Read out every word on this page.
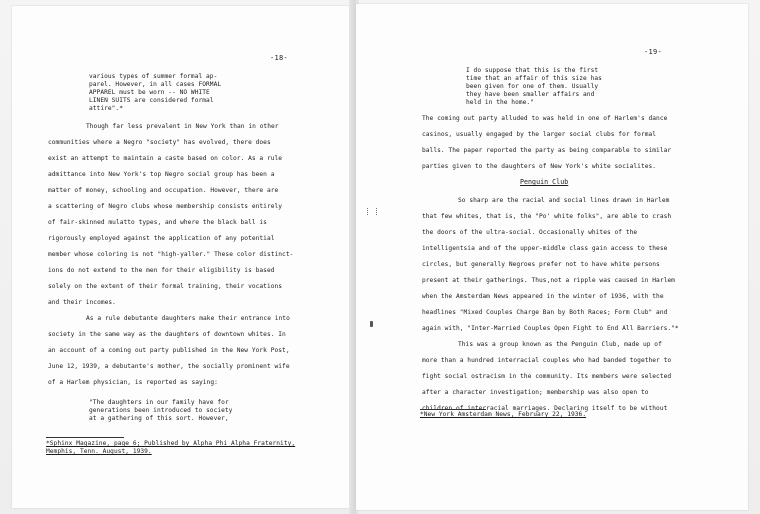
-18-
various types of summer formal ap-
parel. However, in all cases FORMAL
APPAREL must be worn -- NO WHITE
LINEN SUITS are considered formal
attire".*
Though far less prevalent in New York than in other
communities where a Negro "society" has evolved, there does
exist an attempt to maintain a caste based on color. As a rule
admittance into New York's top Negro social group has been a
matter of money, schooling and occupation. However, there are
a scattering of Negro clubs whose membership consists entirely
of fair-skinned mulatto types, and where the black ball is
rigorously employed against the application of any potential
member whose coloring is not "high-yaller." These color distinct-
ions do not extend to the men for their eligibility is based
solely on the extent of their formal training, their vocations
and their incomes.
As a rule debutante daughters make their entrance into
society in the same way as the daughters of downtown whites. In
an account of a coming out party published in the New York Post,
June 12, 1939, a debutante's mother, the socially prominent wife
of a Harlem physician, is reported as saying:
"The daughters in our family have for
generations been introduced to society
at a gathering of this sort. However,
*Sphinx Magazine, page 6; Published by Alpha Phi Alpha Fraternity,
Memphis, Tenn. August, 1939.
-19-
I do suppose that this is the first
time that an affair of this size has
been given for one of them. Usually
they have been smaller affairs and
held in the home."
The coming out party alluded to was held in one of Harlem's dance
casinos, usually engaged by the larger social clubs for formal
balls. The paper reported the party as being comparable to similar
parties given to the daughters of New York's white socialites.
Penguin Club
So sharp are the racial and social lines drawn in Harlem
that few whites, that is, the "Po' white folks", are able to crash
the doors of the ultra-social. Occasionally whites of the
intelligentsia and of the upper-middle class gain access to these
circles, but generally Negroes prefer not to have white persons
present at their gatherings. Thus,not a ripple was caused in Harlem
when the Amsterdam News appeared in the winter of 1936, with the
headlines "Mixed Couples Charge Ban by Both Races; Form Club" and
again with, "Inter-Married Couples Open Fight to End All Barriers."*
This was a group known as the Penguin Club, made up of
more than a hundred interracial couples who had banded together to
fight social ostracism in the community. Its members were selected
after a character investigation; membership was also open to
children of interracial marriages. Declaring itself to be without
*New York Amsterdam News, February 22, 1936.
